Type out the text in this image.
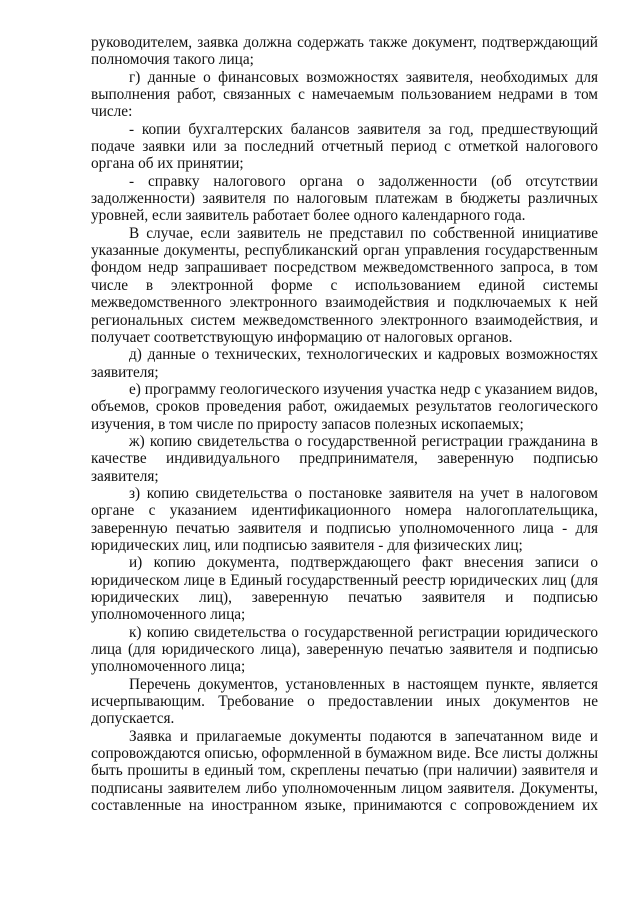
руководителем, заявка должна содержать также документ, подтверждающий полномочия такого лица;

г) данные о финансовых возможностях заявителя, необходимых для выполнения работ, связанных с намечаемым пользованием недрами в том числе:

- копии бухгалтерских балансов заявителя за год, предшествующий подаче заявки или за последний отчетный период с отметкой налогового органа об их принятии;

- справку налогового органа о задолженности (об отсутствии задолженности) заявителя по налоговым платежам в бюджеты различных уровней, если заявитель работает более одного календарного года.

В случае, если заявитель не представил по собственной инициативе указанные документы, республиканский орган управления государственным фондом недр запрашивает посредством межведомственного запроса, в том числе в электронной форме с использованием единой системы межведомственного электронного взаимодействия и подключаемых к ней региональных систем межведомственного электронного взаимодействия, и получает соответствующую информацию от налоговых органов.

д) данные о технических, технологических и кадровых возможностях заявителя;

е) программу геологического изучения участка недр с указанием видов, объемов, сроков проведения работ, ожидаемых результатов геологического изучения, в том числе по приросту запасов полезных ископаемых;

ж) копию свидетельства о государственной регистрации гражданина в качестве индивидуального предпринимателя, заверенную подписью заявителя;

з) копию свидетельства о постановке заявителя на учет в налоговом органе с указанием идентификационного номера налогоплательщика, заверенную печатью заявителя и подписью уполномоченного лица - для юридических лиц, или подписью заявителя - для физических лиц;

и) копию документа, подтверждающего факт внесения записи о юридическом лице в Единый государственный реестр юридических лиц (для юридических лиц), заверенную печатью заявителя и подписью уполномоченного лица;

к) копию свидетельства о государственной регистрации юридического лица (для юридического лица), заверенную печатью заявителя и подписью уполномоченного лица;

Перечень документов, установленных в настоящем пункте, является исчерпывающим. Требование о предоставлении иных документов не допускается.

Заявка и прилагаемые документы подаются в запечатанном виде и сопровождаются описью, оформленной в бумажном виде. Все листы должны быть прошиты в единый том, скреплены печатью (при наличии) заявителя и подписаны заявителем либо уполномоченным лицом заявителя. Документы, составленные на иностранном языке, принимаются с сопровождением их
